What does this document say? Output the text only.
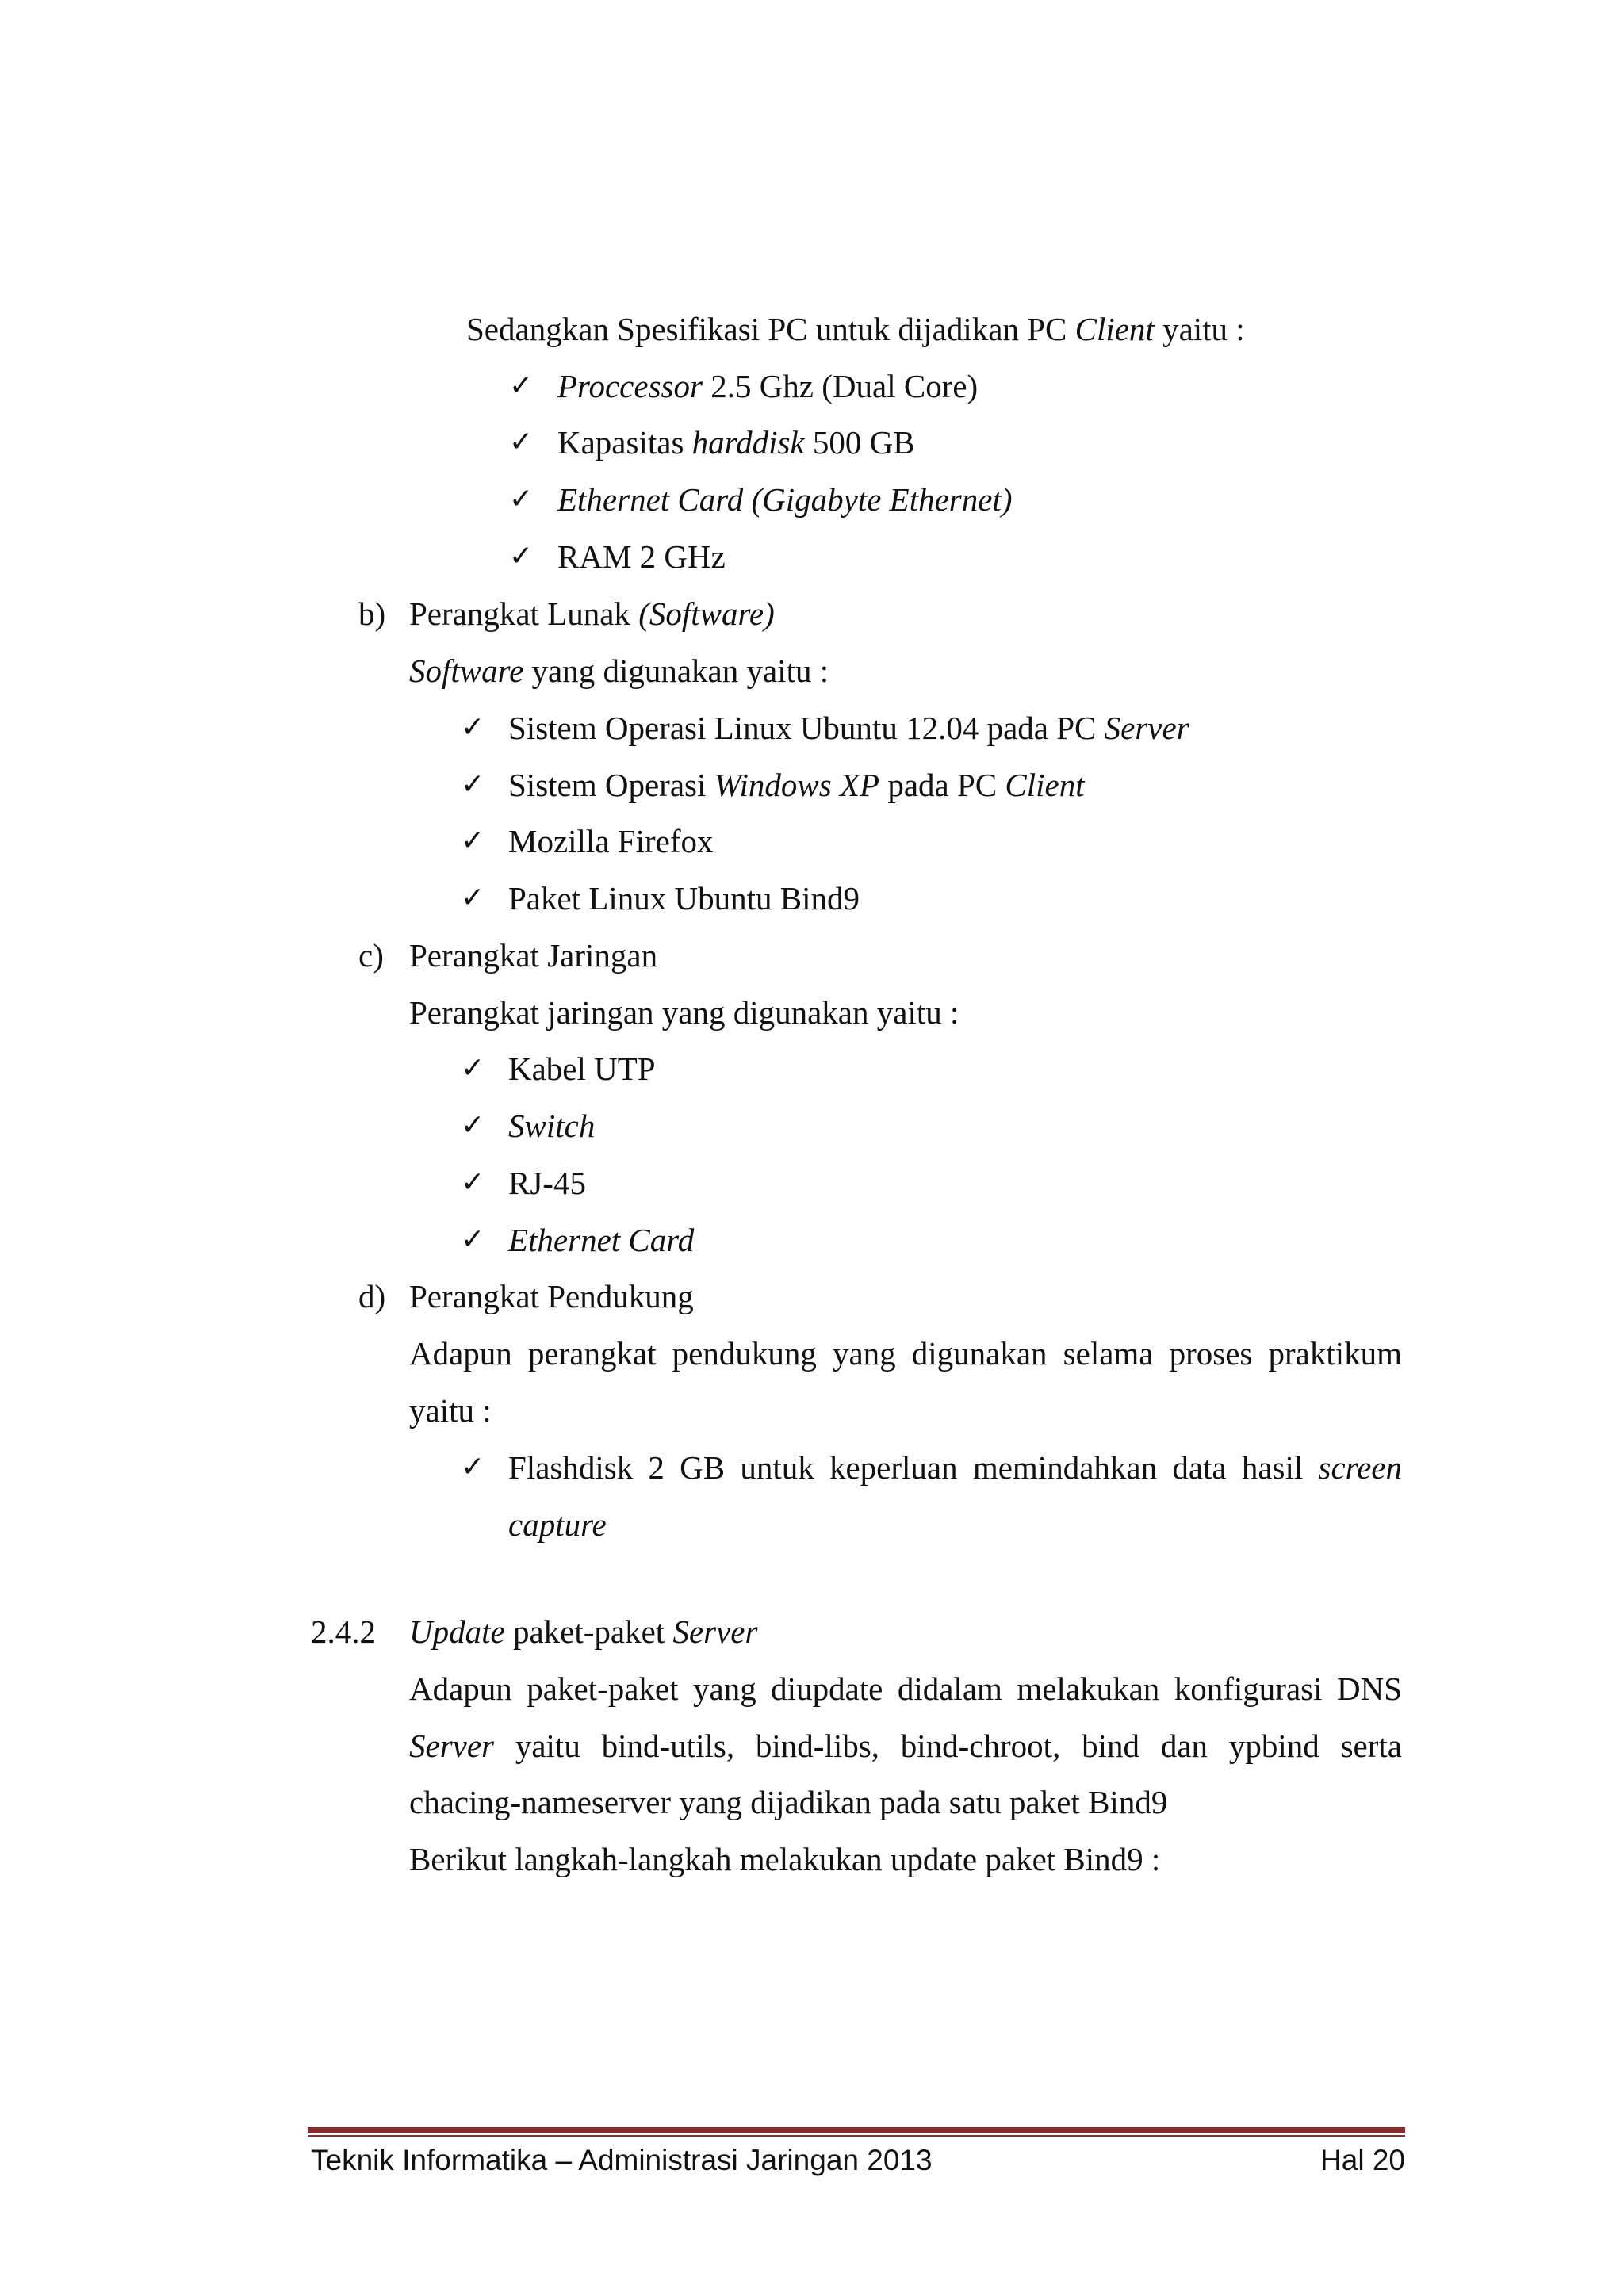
Sedangkan Spesifikasi PC untuk dijadikan PC Client yaitu :
✓ Proccessor 2.5 Ghz (Dual Core)
✓ Kapasitas harddisk 500 GB
✓ Ethernet Card (Gigabyte Ethernet)
✓ RAM 2 GHz
b) Perangkat Lunak (Software)
Software yang digunakan yaitu :
✓ Sistem Operasi Linux Ubuntu 12.04 pada PC Server
✓ Sistem Operasi Windows XP pada PC Client
✓ Mozilla Firefox
✓ Paket Linux Ubuntu Bind9
c) Perangkat Jaringan
Perangkat jaringan yang digunakan yaitu :
✓ Kabel UTP
✓ Switch
✓ RJ-45
✓ Ethernet Card
d) Perangkat Pendukung
Adapun perangkat pendukung yang digunakan selama proses praktikum
yaitu :
✓ Flashdisk 2 GB untuk keperluan memindahkan data hasil screen
capture
2.4.2 Update paket-paket Server
Adapun paket-paket yang diupdate didalam melakukan konfigurasi DNS
Server yaitu bind-utils, bind-libs, bind-chroot, bind dan ypbind serta
chacing-nameserver yang dijadikan pada satu paket Bind9
Berikut langkah-langkah melakukan update paket Bind9 :
Teknik Informatika – Administrasi Jaringan 2013	Hal 20
